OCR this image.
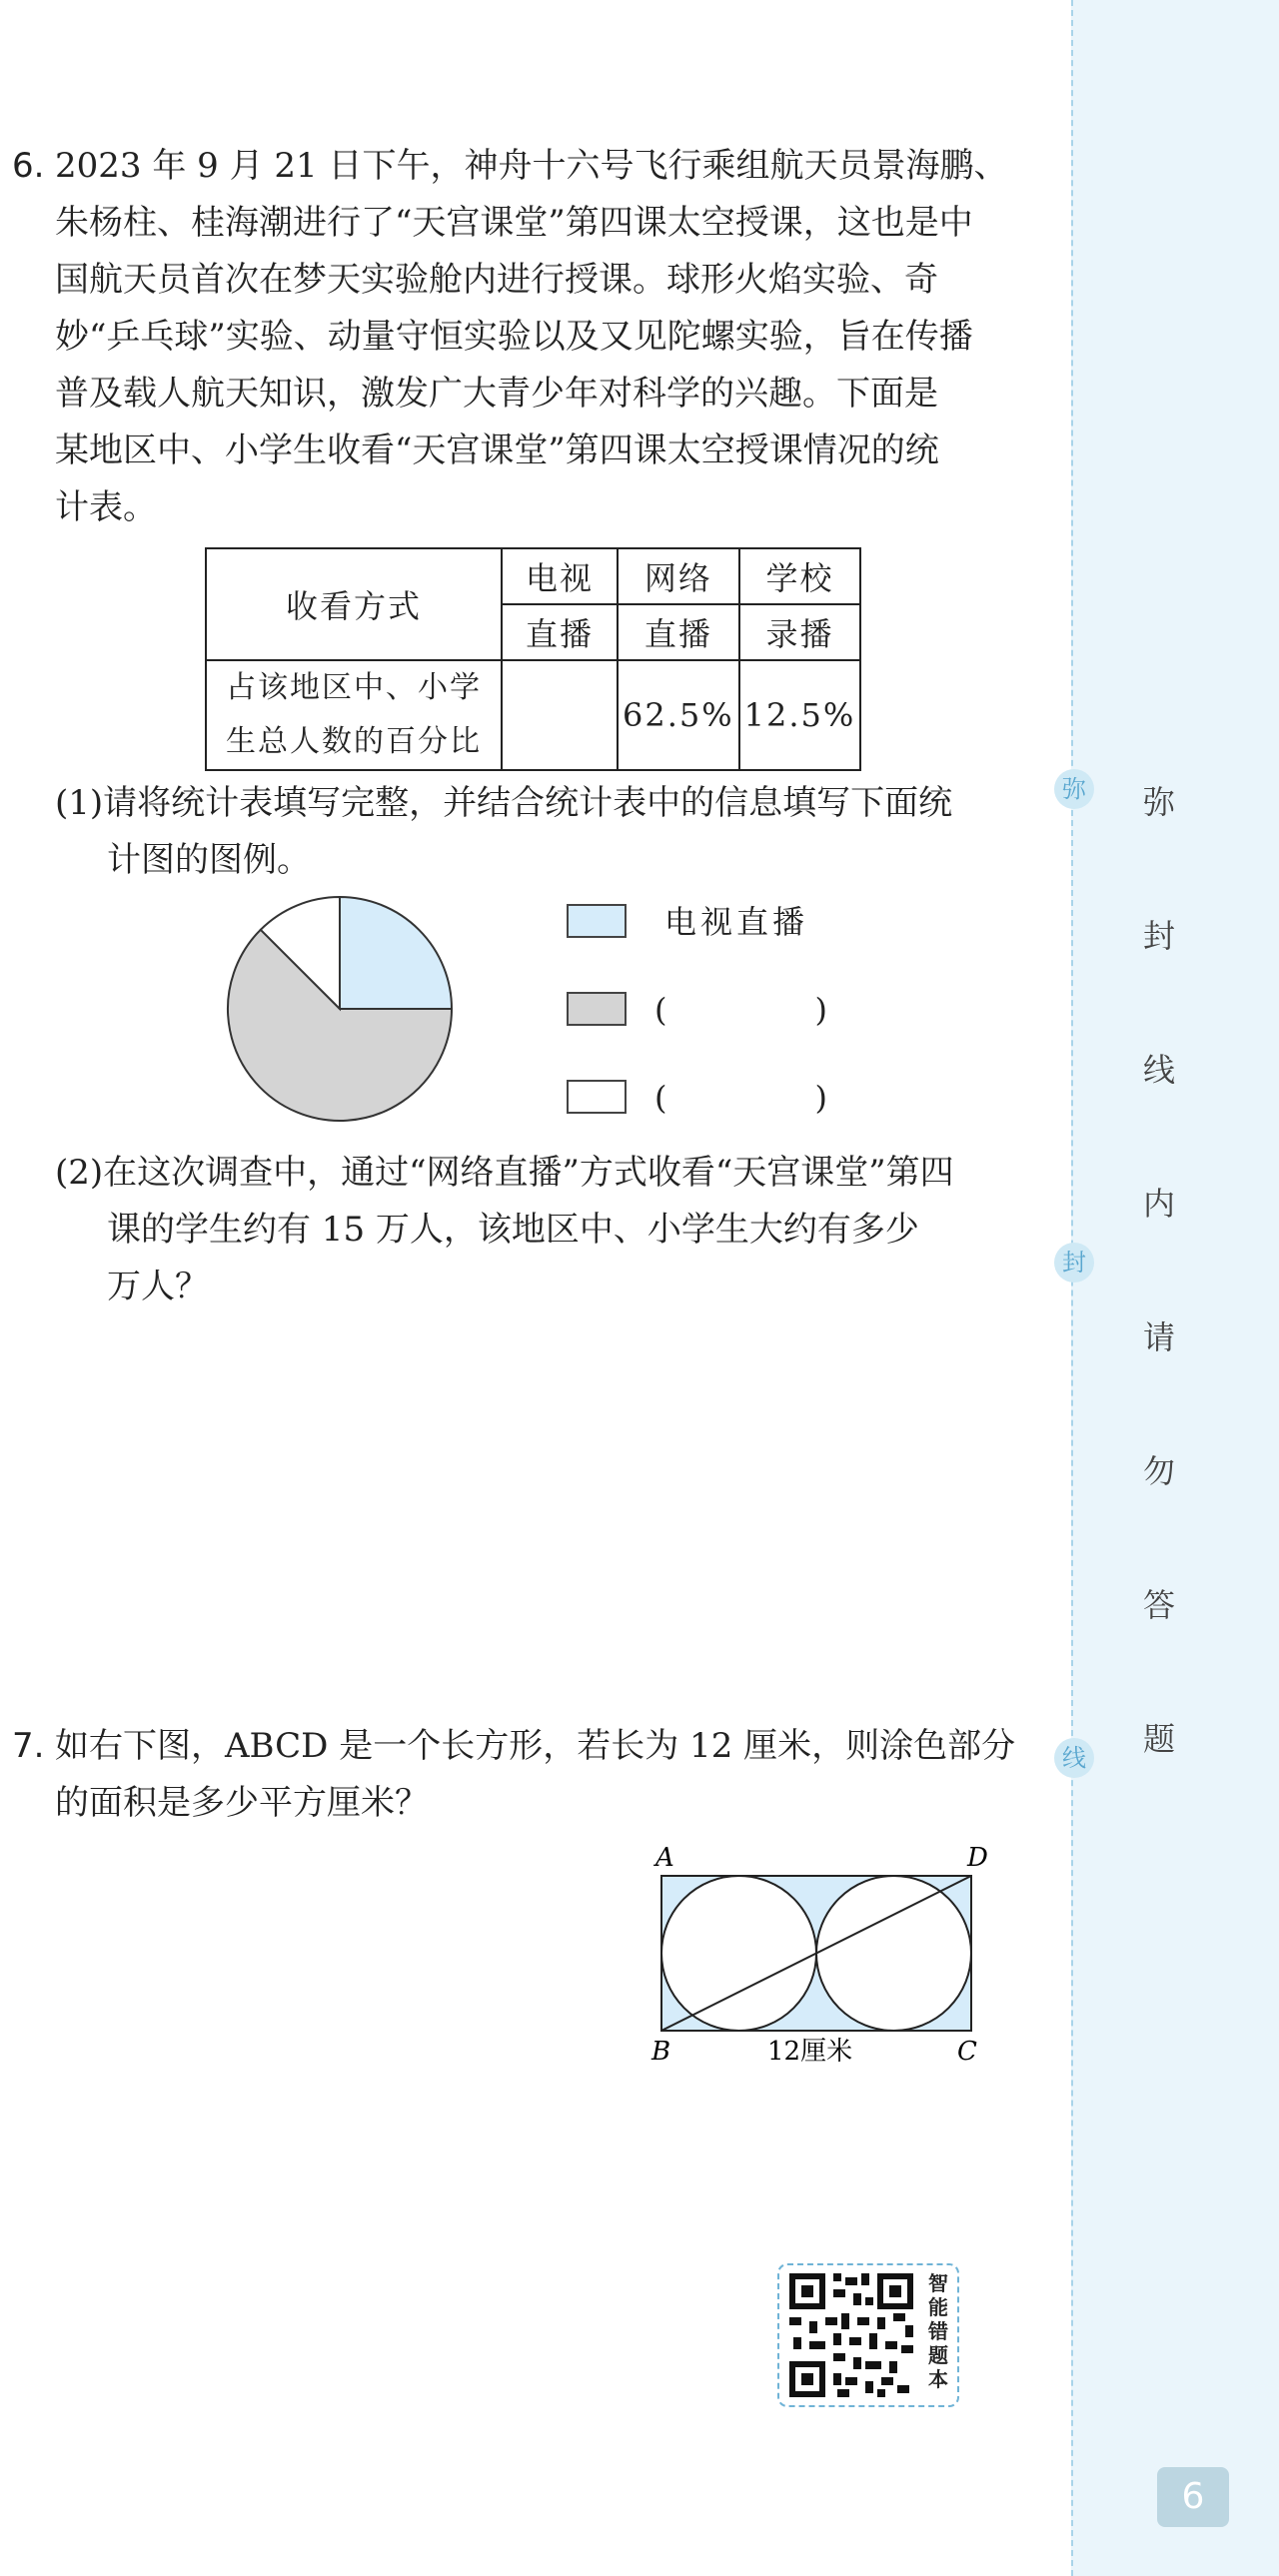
弥
封
线
内
请
勿
答
题
弥
封
线
6. 2023 年 9 月 21 日下午，神舟十六号飞行乘组航天员景海鹏、
朱杨柱、桂海潮进行了“天宫课堂”第四课太空授课，这也是中
国航天员首次在梦天实验舱内进行授课。球形火焰实验、奇
妙“乒乓球”实验、动量守恒实验以及又见陀螺实验，旨在传播
普及载人航天知识，激发广大青少年对科学的兴趣。下面是
某地区中、小学生收看“天宫课堂”第四课太空授课情况的统
计表。
收看方式	电视	网络	学校
	直播	直播	录播

占该地区中、小学
生总人数的百分比		62.5%	12.5%
(1)请将统计表填写完整，并结合统计表中的信息填写下面统
计图的图例。
电视直播
(　　　　)
(　　　　)
(2)在这次调查中，通过“网络直播”方式收看“天宫课堂”第四
课的学生约有 15 万人，该地区中、小学生大约有多少
万人？
7. 如右下图，ABCD 是一个长方形，若长为 12 厘米，则涂色部分
的面积是多少平方厘米？
A	D
B	C
12厘米
智
能
错
题
本
6
